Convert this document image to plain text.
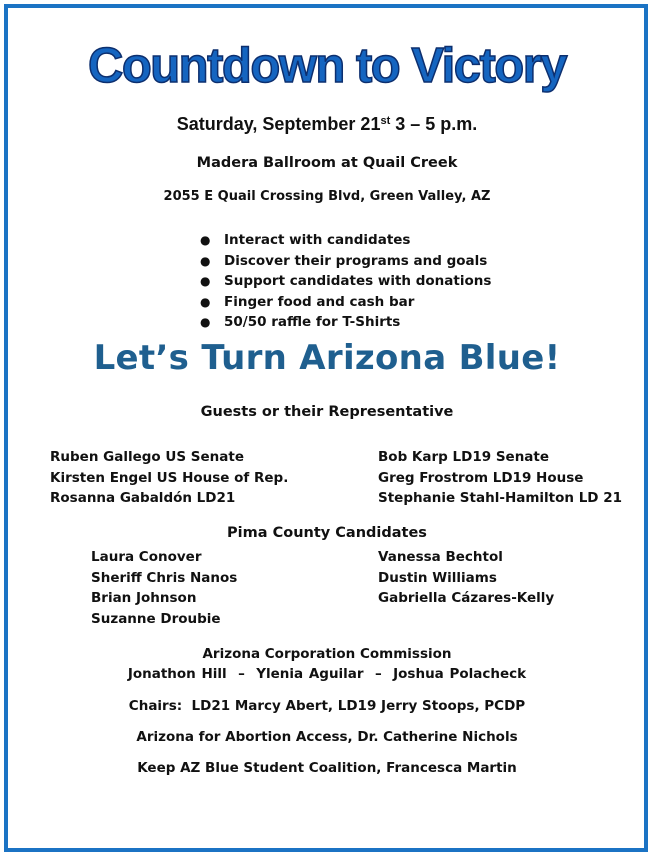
Countdown to Victory
Saturday, September 21st 3 – 5 p.m.
Madera Ballroom at Quail Creek
2055 E Quail Crossing Blvd, Green Valley, AZ
● Interact with candidates
● Discover their programs and goals
● Support candidates with donations
● Finger food and cash bar
● 50/50 raffle for T-Shirts
Let’s Turn Arizona Blue!
Guests or their Representative
Ruben Gallego US Senate
Kirsten Engel US House of Rep.
Rosanna Gabaldón LD21
Bob Karp LD19 Senate
Greg Frostrom LD19 House
Stephanie Stahl-Hamilton LD 21
Pima County Candidates
Laura Conover
Sheriff Chris Nanos
Brian Johnson
Suzanne Droubie
Vanessa Bechtol
Dustin Williams
Gabriella Cázares-Kelly
Arizona Corporation Commission
Jonathon Hill  –  Ylenia Aguilar  –  Joshua Polacheck
Chairs:  LD21 Marcy Abert, LD19 Jerry Stoops, PCDP
Arizona for Abortion Access, Dr. Catherine Nichols
Keep AZ Blue Student Coalition, Francesca Martin
